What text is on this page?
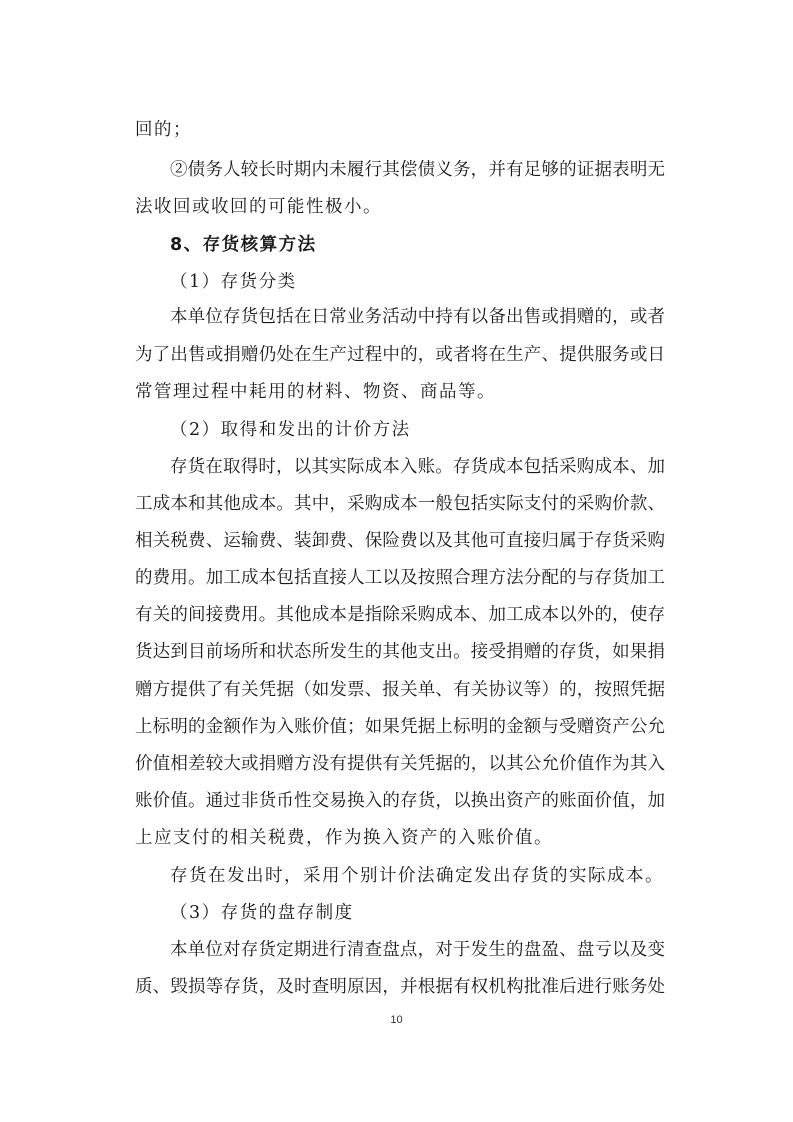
回的；
②债务人较长时期内未履行其偿债义务，并有足够的证据表明无
法收回或收回的可能性极小。
8、存货核算方法
（1）存货分类
本单位存货包括在日常业务活动中持有以备出售或捐赠的，或者
为了出售或捐赠仍处在生产过程中的，或者将在生产、提供服务或日
常管理过程中耗用的材料、物资、商品等。
（2）取得和发出的计价方法
存货在取得时，以其实际成本入账。存货成本包括采购成本、加
工成本和其他成本。其中，采购成本一般包括实际支付的采购价款、
相关税费、运输费、装卸费、保险费以及其他可直接归属于存货采购
的费用。加工成本包括直接人工以及按照合理方法分配的与存货加工
有关的间接费用。其他成本是指除采购成本、加工成本以外的，使存
货达到目前场所和状态所发生的其他支出。接受捐赠的存货，如果捐
赠方提供了有关凭据（如发票、报关单、有关协议等）的，按照凭据
上标明的金额作为入账价值；如果凭据上标明的金额与受赠资产公允
价值相差较大或捐赠方没有提供有关凭据的，以其公允价值作为其入
账价值。通过非货币性交易换入的存货，以换出资产的账面价值，加
上应支付的相关税费，作为换入资产的入账价值。
存货在发出时，采用个别计价法确定发出存货的实际成本。
（3）存货的盘存制度
本单位对存货定期进行清查盘点，对于发生的盘盈、盘亏以及变
质、毁损等存货，及时查明原因，并根据有权机构批准后进行账务处
10
